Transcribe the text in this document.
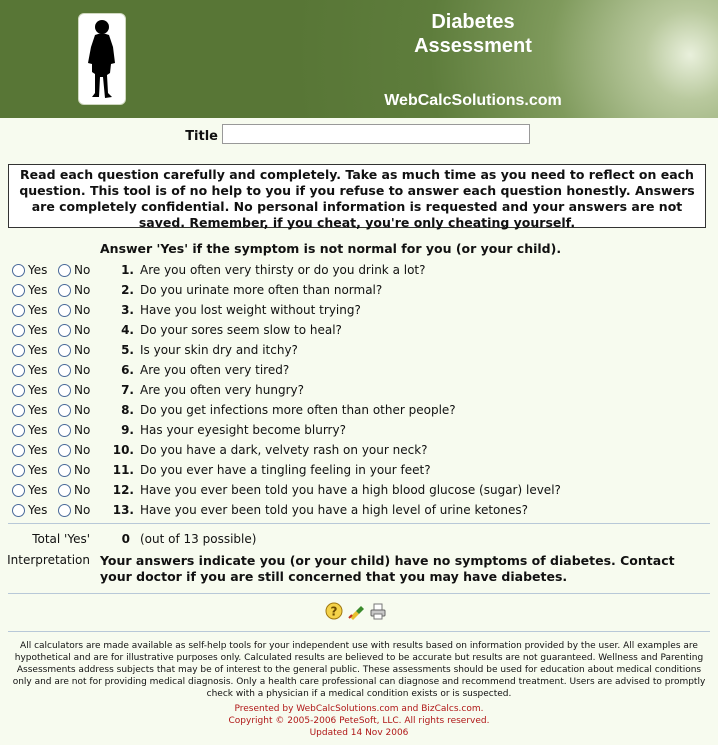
Diabetes Assessment
WebCalcSolutions.com
Title
Read each question carefully and completely. Take as much time as you need to reflect on each question. This tool is of no help to you if you refuse to answer each question honestly. Answers are completely confidential. No personal information is requested and your answers are not saved. Remember, if you cheat, you're only cheating yourself.
Answer 'Yes' if the symptom is not normal for you (or your child).
Yes No	1. Are you often very thirsty or do you drink a lot?
Yes No	2. Do you urinate more often than normal?
Yes No	3. Have you lost weight without trying?
Yes No	4. Do your sores seem slow to heal?
Yes No	5. Is your skin dry and itchy?
Yes No	6. Are you often very tired?
Yes No	7. Are you often very hungry?
Yes No	8. Do you get infections more often than other people?
Yes No	9. Has your eyesight become blurry?
Yes No	10. Do you have a dark, velvety rash on your neck?
Yes No	11. Do you ever have a tingling feeling in your feet?
Yes No	12. Have you ever been told you have a high blood glucose (sugar) level?
Yes No	13. Have you ever been told you have a high level of urine ketones?
Total 'Yes'	0 (out of 13 possible)
Interpretation Your answers indicate you (or your child) have no symptoms of diabetes. Contact your doctor if you are still concerned that you may have diabetes.
?
All calculators are made available as self-help tools for your independent use with results based on information provided by the user. All examples are hypothetical and are for illustrative purposes only. Calculated results are believed to be accurate but results are not guaranteed. Wellness and Parenting Assessments address subjects that may be of interest to the general public. These assessments should be used for education about medical conditions only and are not for providing medical diagnosis. Only a health care professional can diagnose and recommend treatment. Users are advised to promptly check with a physician if a medical condition exists or is suspected.
Presented by WebCalcSolutions.com and BizCalcs.com.
Copyright © 2005-2006 PeteSoft, LLC. All rights reserved.
Updated 14 Nov 2006
